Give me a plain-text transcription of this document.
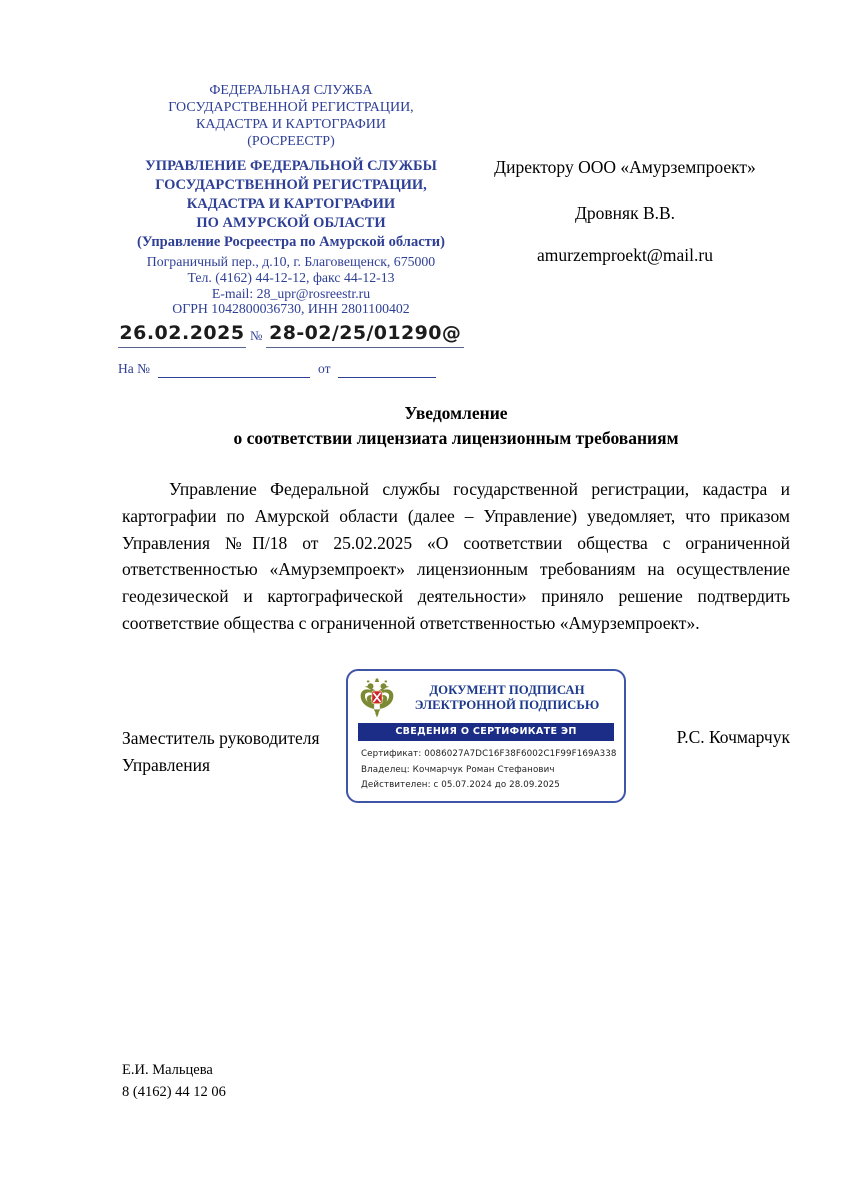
ФЕДЕРАЛЬНАЯ СЛУЖБА
ГОСУДАРСТВЕННОЙ РЕГИСТРАЦИИ,
КАДАСТРА И КАРТОГРАФИИ
(РОСРЕЕСТР)
УПРАВЛЕНИЕ ФЕДЕРАЛЬНОЙ СЛУЖБЫ
ГОСУДАРСТВЕННОЙ РЕГИСТРАЦИИ,
КАДАСТРА И КАРТОГРАФИИ
ПО АМУРСКОЙ ОБЛАСТИ
(Управление Росреестра по Амурской области)
Пограничный пер., д.10, г. Благовещенск, 675000
Тел. (4162) 44-12-12, факс 44-12-13
E-mail: 28_upr@rosreestr.ru
ОГРН 1042800036730, ИНН 2801100402
26.02.2025 № 28-02/25/01290@
На №	от
Директору ООО «Амурземпроект»
Дровняк В.В.
amurzemproekt@mail.ru
Уведомление
о соответствии лицензиата лицензионным требованиям

Управление Федеральной службы государственной регистрации, кадастра и картографии по Амурской области (далее – Управление) уведомляет, что приказом Управления №П/18 от 25.02.2025 «О соответствии общества с ограниченной ответственностью «Амурземпроект» лицензионным требованиям на осуществление геодезической и картографической деятельности» приняло решение подтвердить соответствие общества с ограниченной ответственностью «Амурземпроект».

Заместитель руководителя
Управления
Р.С. Кочмарчук
ДОКУМЕНТ ПОДПИСАН
ЭЛЕКТРОННОЙ ПОДПИСЬЮ
СВЕДЕНИЯ О СЕРТИФИКАТЕ ЭП
Сертификат: 0086027A7DC16F38F6002C1F99F169A338
Владелец: Кочмарчук Роман Стефанович
Действителен: с 05.07.2024 до 28.09.2025
Е.И. Мальцева
8 (4162) 44 12 06
